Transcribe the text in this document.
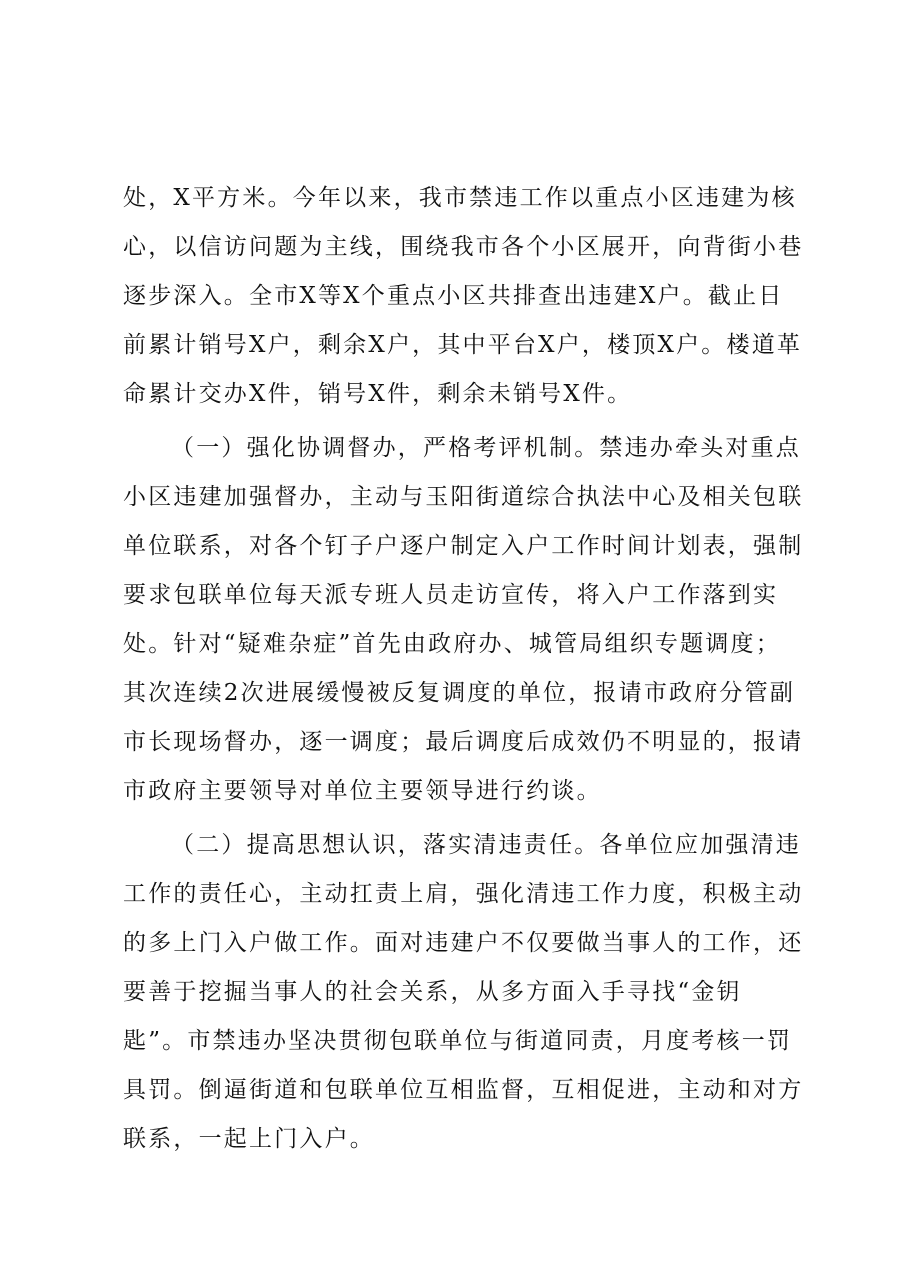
处，X平方米。今年以来，我市禁违工作以重点小区违建为核
心，以信访问题为主线，围绕我市各个小区展开，向背街小巷
逐步深入。全市X等X个重点小区共排查出违建X户。截止日
前累计销号X户，剩余X户，其中平台X户，楼顶X户。楼道革
命累计交办X件，销号X件，剩余未销号X件。
（一）强化协调督办，严格考评机制。禁违办牵头对重点
小区违建加强督办，主动与玉阳街道综合执法中心及相关包联
单位联系，对各个钉子户逐户制定入户工作时间计划表，强制
要求包联单位每天派专班人员走访宣传，将入户工作落到实
处。针对“疑难杂症”首先由政府办、城管局组织专题调度；
其次连续2次进展缓慢被反复调度的单位，报请市政府分管副
市长现场督办，逐一调度；最后调度后成效仍不明显的，报请
市政府主要领导对单位主要领导进行约谈。
（二）提高思想认识，落实清违责任。各单位应加强清违
工作的责任心，主动扛责上肩，强化清违工作力度，积极主动
的多上门入户做工作。面对违建户不仅要做当事人的工作，还
要善于挖掘当事人的社会关系，从多方面入手寻找“金钥
匙”。市禁违办坚决贯彻包联单位与街道同责，月度考核一罚
具罚。倒逼街道和包联单位互相监督，互相促进，主动和对方
联系，一起上门入户。
